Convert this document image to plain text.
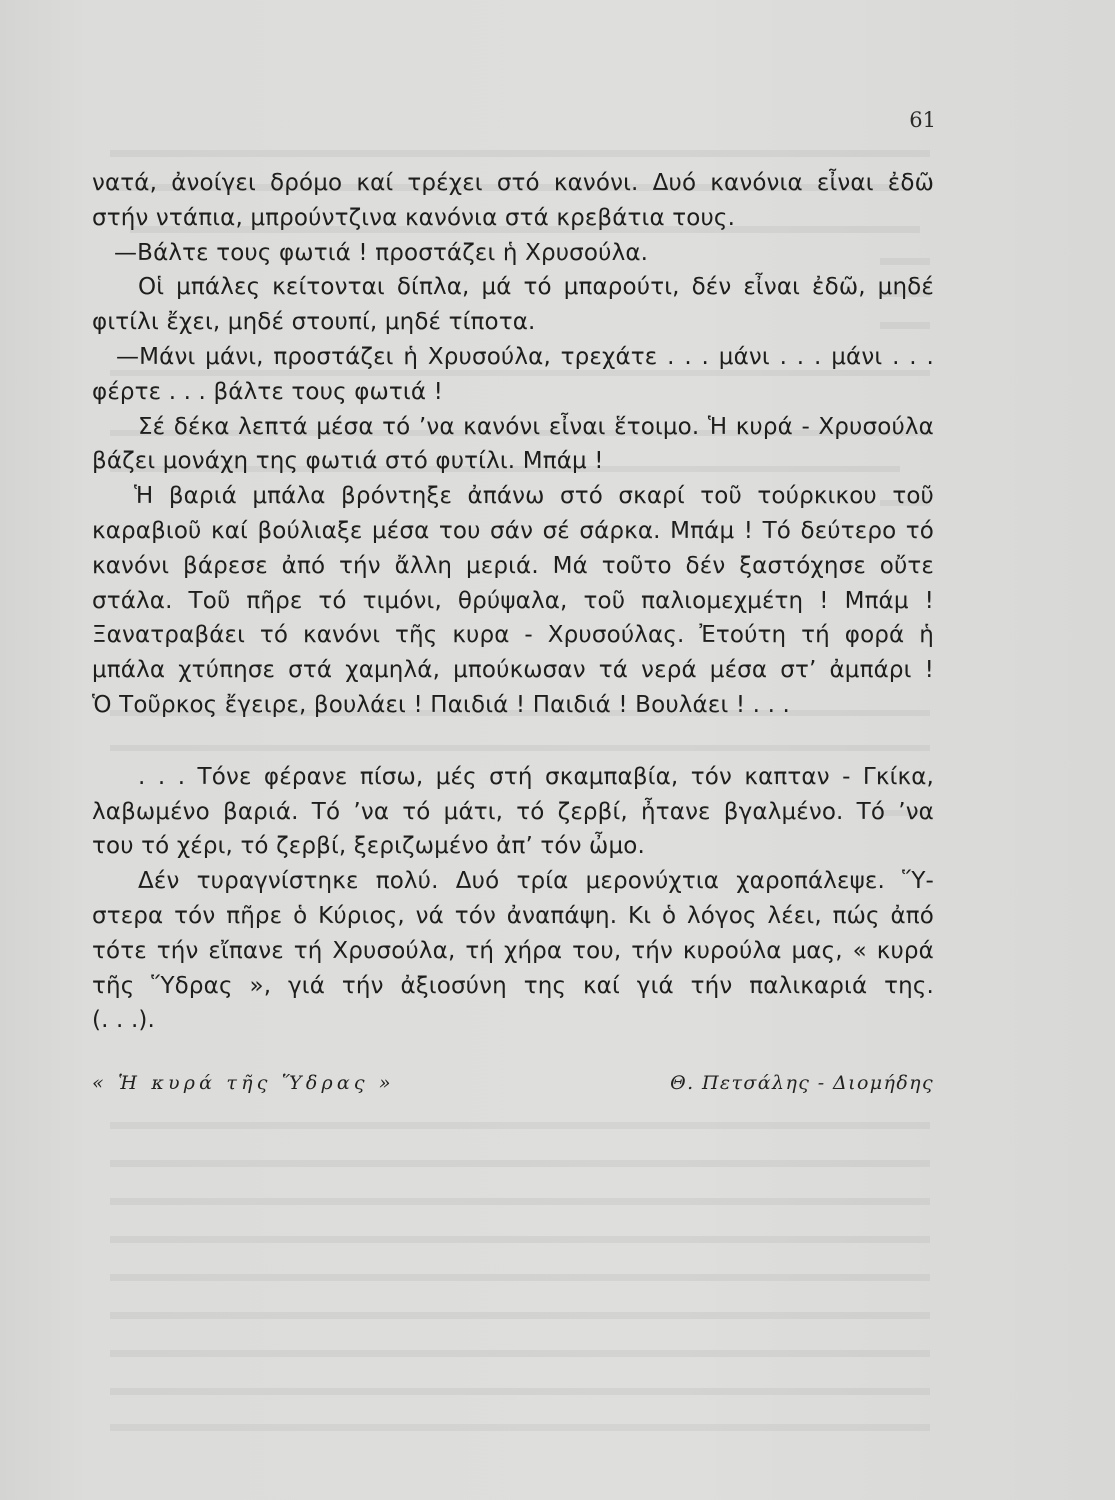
61
νατά, ἀνοίγει δρόμο καί τρέχει στό κανόνι. Δυό κανόνια εἶναι ἐδῶ
στήν ντάπια, μπρούντζινα κανόνια στά κρεβάτια τους.
—Βάλτε τους φωτιά ! προστάζει ἡ Χρυσούλα.
Οἱ μπάλες κείτονται δίπλα, μά τό μπαρούτι, δέν εἶναι ἐδῶ, μηδέ
φιτίλι ἔχει, μηδέ στουπί, μηδέ τίποτα.
—Μάνι μάνι, προστάζει ἡ Χρυσούλα, τρεχάτε . . . μάνι . . . μάνι . . .
φέρτε . . . βάλτε τους φωτιά !
Σέ δέκα λεπτά μέσα τό ’να κανόνι εἶναι ἕτοιμο. Ἡ κυρά - Χρυσούλα
βάζει μονάχη της φωτιά στό φυτίλι. Μπάμ !
Ἡ βαριά μπάλα βρόντηξε ἀπάνω στό σκαρί τοῦ τούρκικου τοῦ
καραβιοῦ καί βούλιαξε μέσα του σάν σέ σάρκα. Μπάμ ! Τό δεύτερο τό
κανόνι βάρεσε ἀπό τήν ἄλλη μεριά. Μά τοῦτο δέν ξαστόχησε οὔτε
στάλα. Τοῦ πῆρε τό τιμόνι, θρύψαλα, τοῦ παλιομεχμέτη ! Μπάμ !
Ξανατραβάει τό κανόνι τῆς κυρα - Χρυσούλας. Ἐτούτη τή φορά ἡ
μπάλα χτύπησε στά χαμηλά, μπούκωσαν τά νερά μέσα στ’ ἀμπάρι !
Ὁ Τοῦρκος ἔγειρε, βουλάει ! Παιδιά ! Παιδιά ! Βουλάει ! . . .
. . . Τόνε φέρανε πίσω, μές στή σκαμπαβία, τόν καπταν - Γκίκα,
λαβωμένο βαριά. Τό ’να τό μάτι, τό ζερβί, ἦτανε βγαλμένο. Τό ’να
του τό χέρι, τό ζερβί, ξεριζωμένο ἀπ’ τόν ὦμο.
Δέν τυραγνίστηκε πολύ. Δυό τρία μερονύχτια χαροπάλεψε. Ὕ-
στερα τόν πῆρε ὁ Κύριος, νά τόν ἀναπάψη. Κι ὁ λόγος λέει, πώς ἀπό
τότε τήν εἴπανε τή Χρυσούλα, τή χήρα του, τήν κυρούλα μας, « κυρά
τῆς Ὕδρας », γιά τήν ἀξιοσύνη της καί γιά τήν παλικαριά της.
(. . .).
« Ἡ κυρά τῆς Ὕδρας »	Θ. Πετσάλης - Διομήδης
